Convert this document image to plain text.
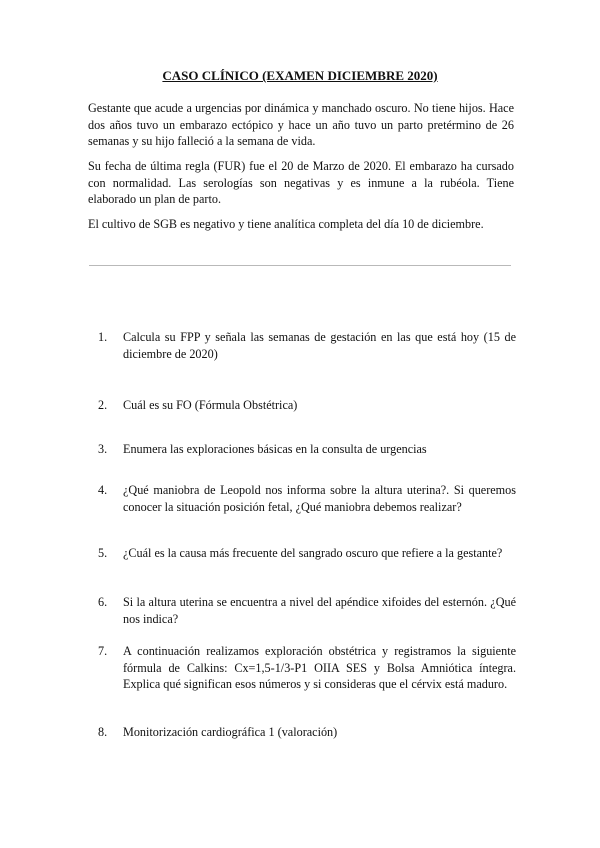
CASO CLÍNICO (EXAMEN DICIEMBRE 2020)

Gestante que acude a urgencias por dinámica y manchado oscuro. No tiene hijos. Hace dos años tuvo un embarazo ectópico y hace un año tuvo un parto pretérmino de 26 semanas y su hijo falleció a la semana de vida.

Su fecha de última regla (FUR) fue el 20 de Marzo de 2020. El embarazo ha cursado con normalidad. Las serologías son negativas y es inmune a la rubéola. Tiene elaborado un plan de parto.

El cultivo de SGB es negativo y tiene analítica completa del día 10 de diciembre.

1.	Calcula su FPP y señala las semanas de gestación en las que está hoy (15 de diciembre de 2020)
2.	Cuál es su FO (Fórmula Obstétrica)
3.	Enumera las exploraciones básicas en la consulta de urgencias
4.	¿Qué maniobra de Leopold nos informa sobre la altura uterina?. Si queremos conocer la situación posición fetal, ¿Qué maniobra debemos realizar?
5.	¿Cuál es la causa más frecuente del sangrado oscuro que refiere a la gestante?
6.	Si la altura uterina se encuentra a nivel del apéndice xifoides del esternón. ¿Qué nos indica?
7.	A continuación realizamos exploración obstétrica y registramos la siguiente fórmula de Calkins: Cx=1,5-1/3-P1 OIIA SES y Bolsa Amniótica íntegra. Explica qué significan esos números y si consideras que el cérvix está maduro.
8.	Monitorización cardiográfica 1 (valoración)
